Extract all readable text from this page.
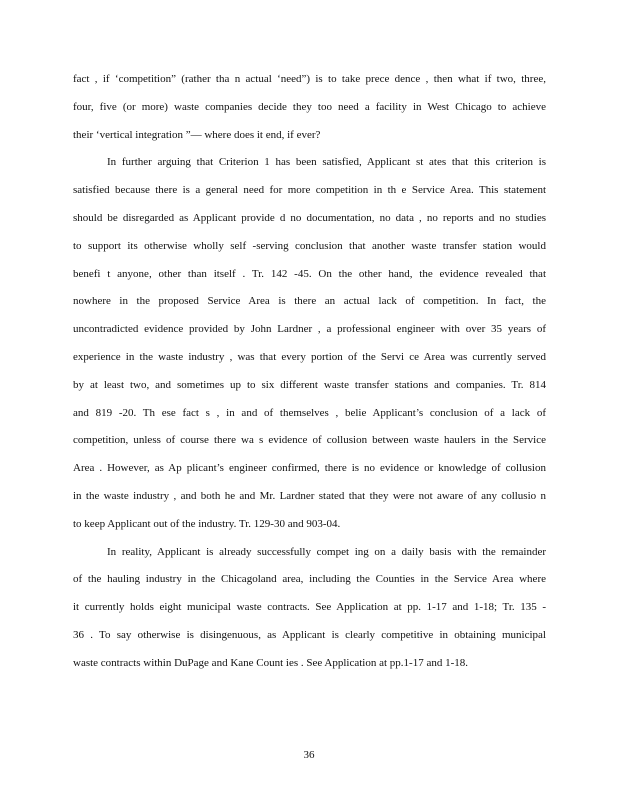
fact , if ‘competition” (rather tha n actual ‘need”) is to take prece dence , then what if two, three,
four, five (or more) waste companies decide they too need a facility in West Chicago to achieve
their ‘vertical integration ”— where does it end, if ever?
In further arguing that Criterion 1 has been satisfied, Applicant st ates that this criterion is
satisfied because there is a general need for more competition in th e Service Area. This statement
should be disregarded as Applicant provide d no documentation, no data , no reports and no studies
to support its otherwise wholly self -serving conclusion that another waste transfer station would
benefi t anyone, other than itself . Tr. 142 -45. On the other hand, the evidence revealed that
nowhere in the proposed Service Area is there an actual lack of competition. In fact, the
uncontradicted evidence provided by John Lardner , a professional engineer with over 35 years of
experience in the waste industry , was that every portion of the Servi ce Area was currently served
by at least two, and sometimes up to six different waste transfer stations and companies. Tr. 814
and 819 -20. Th ese fact s , in and of themselves , belie Applicant’s conclusion of a lack of
competition, unless of course there wa s evidence of collusion between waste haulers in the Service
Area . However, as Ap plicant’s engineer confirmed, there is no evidence or knowledge of collusion
in the waste industry , and both he and Mr. Lardner stated that they were not aware of any collusio n
to keep Applicant out of the industry. Tr. 129-30 and 903-04.
In reality, Applicant is already successfully compet ing on a daily basis with the remainder
of the hauling industry in the Chicagoland area, including the Counties in the Service Area where
it currently holds eight municipal waste contracts. See Application at pp. 1-17 and 1-18; Tr. 135 -
36 . To say otherwise is disingenuous, as Applicant is clearly competitive in obtaining municipal
waste contracts within DuPage and Kane Count ies . See Application at pp.1-17 and 1-18.
36
